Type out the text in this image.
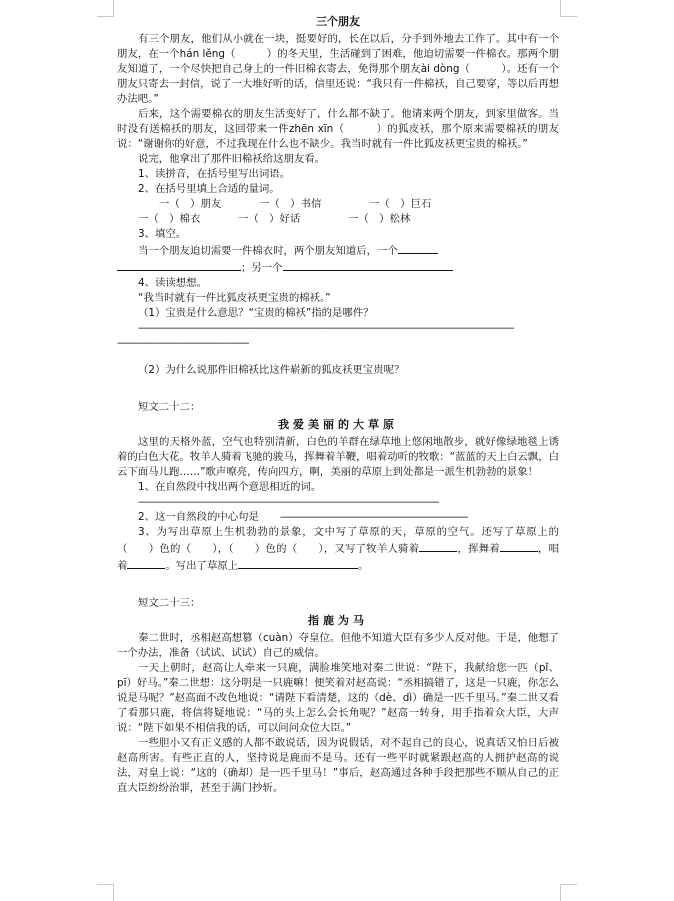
三个朋友

有三个朋友，他们从小就在一块，挺要好的，长在以后，分手到外地去工作了。其中有一个朋友，在一个hán lěng（　　　）的冬天里，生活碰到了困难，他迫切需要一件棉衣。那两个朋友知道了，一个尽快把自己身上的一件旧棉衣寄去，免得那个朋友ài dòng（　　　）。还有一个朋友只寄去一封信，说了一大堆好听的话，信里还说：“我只有一件棉袄，自己要穿，等以后再想办法吧。”

后来，这个需要棉衣的朋友生活变好了，什么都不缺了。他请来两个朋友，到家里做客。当时没有送棉袄的朋友，这回带来一件zhēn xīn（　　　）的狐皮袄，那个原来需要棉袄的朋友说：“谢谢你的好意，不过我现在什么也不缺少。我当时就有一件比狐皮袄更宝贵的棉袄。”

说完，他拿出了那件旧棉袄给这朋友看。

1、读拼音，在括号里写出词语。

2、在括号里填上合适的量词。

一（　）朋友	一（　）书信	一（　）巨石
一（　）棉衣	一（　）好话	一（　）松林

3、填空。

当一个朋友迫切需要一件棉衣时，两个朋友知道后，一个

；另一个

4、读读想想。

“我当时就有一件比狐皮袄更宝贵的棉袄。”

（1）宝贵是什么意思？“宝贵的棉袄”指的是哪件？

————————————————————————————————————————
——————————————

（2）为什么说那件旧棉袄比这件崭新的狐皮袄更宝贵呢？

短文二十二：

我爱美丽的大草原

这里的天格外蓝，空气也特别清新，白色的羊群在绿草地上悠闲地散步，就好像绿地毯上诱着的白色大花。牧羊人骑着飞驰的骏马，挥舞着羊鞭，唱着动听的牧歌：“蓝蓝的天上白云飘，白云下面马儿跑……”歌声嘹亮，传向四方，啊，美丽的草原上到处都是一派生机勃勃的景象！

1、在自然段中找出两个意思相近的词。

————————————————————————————————

2、这一自然段的中心句是 ————————————————————

3、为写出草原上生机勃勃的景象，文中写了草原的天，草原的空气。还写了草原上的（　　）色的（　　），（　　）色的（　　），又写了牧羊人骑着	，挥舞着	，唱着	。写出了草原上	。

短文二十三：

指鹿为马

秦二世时，丞相赵高想篡（cuàn）夺皇位。但他不知道大臣有多少人反对他。于是，他想了一个办法，准备（试试、试试）自己的威信。

一天上朝时，赵高让人牵来一只鹿，满脸堆笑地对秦二世说：“陛下，我献给您一匹（pǐ、pī）好马。”秦二世想：这分明是一只鹿嘛！便笑着对赵高说：“丞相搞错了，这是一只鹿，你怎么说是马呢？”赵高面不改色地说：“请陛下看清楚，这的（dè、dì）确是一匹千里马。”秦二世又看了看那只鹿，将信将疑地说：“马的头上怎么会长角呢？”赵高一转身，用手指着众大臣，大声说：“陛下如果不相信我的话，可以问问众位大臣。”

一些胆小又有正义感的人都不敢说话，因为说假话，对不起自己的良心，说真话又怕日后被赵高所害。有些正直的人，坚持说是鹿而不是马。还有一些平时就紧跟赵高的人拥护赵高的说法，对皇上说：“这的（确却）是一匹千里马！”事后，赵高通过各种手段把那些不顺从自己的正直大臣纷纷治罪，甚至于满门抄斩。
